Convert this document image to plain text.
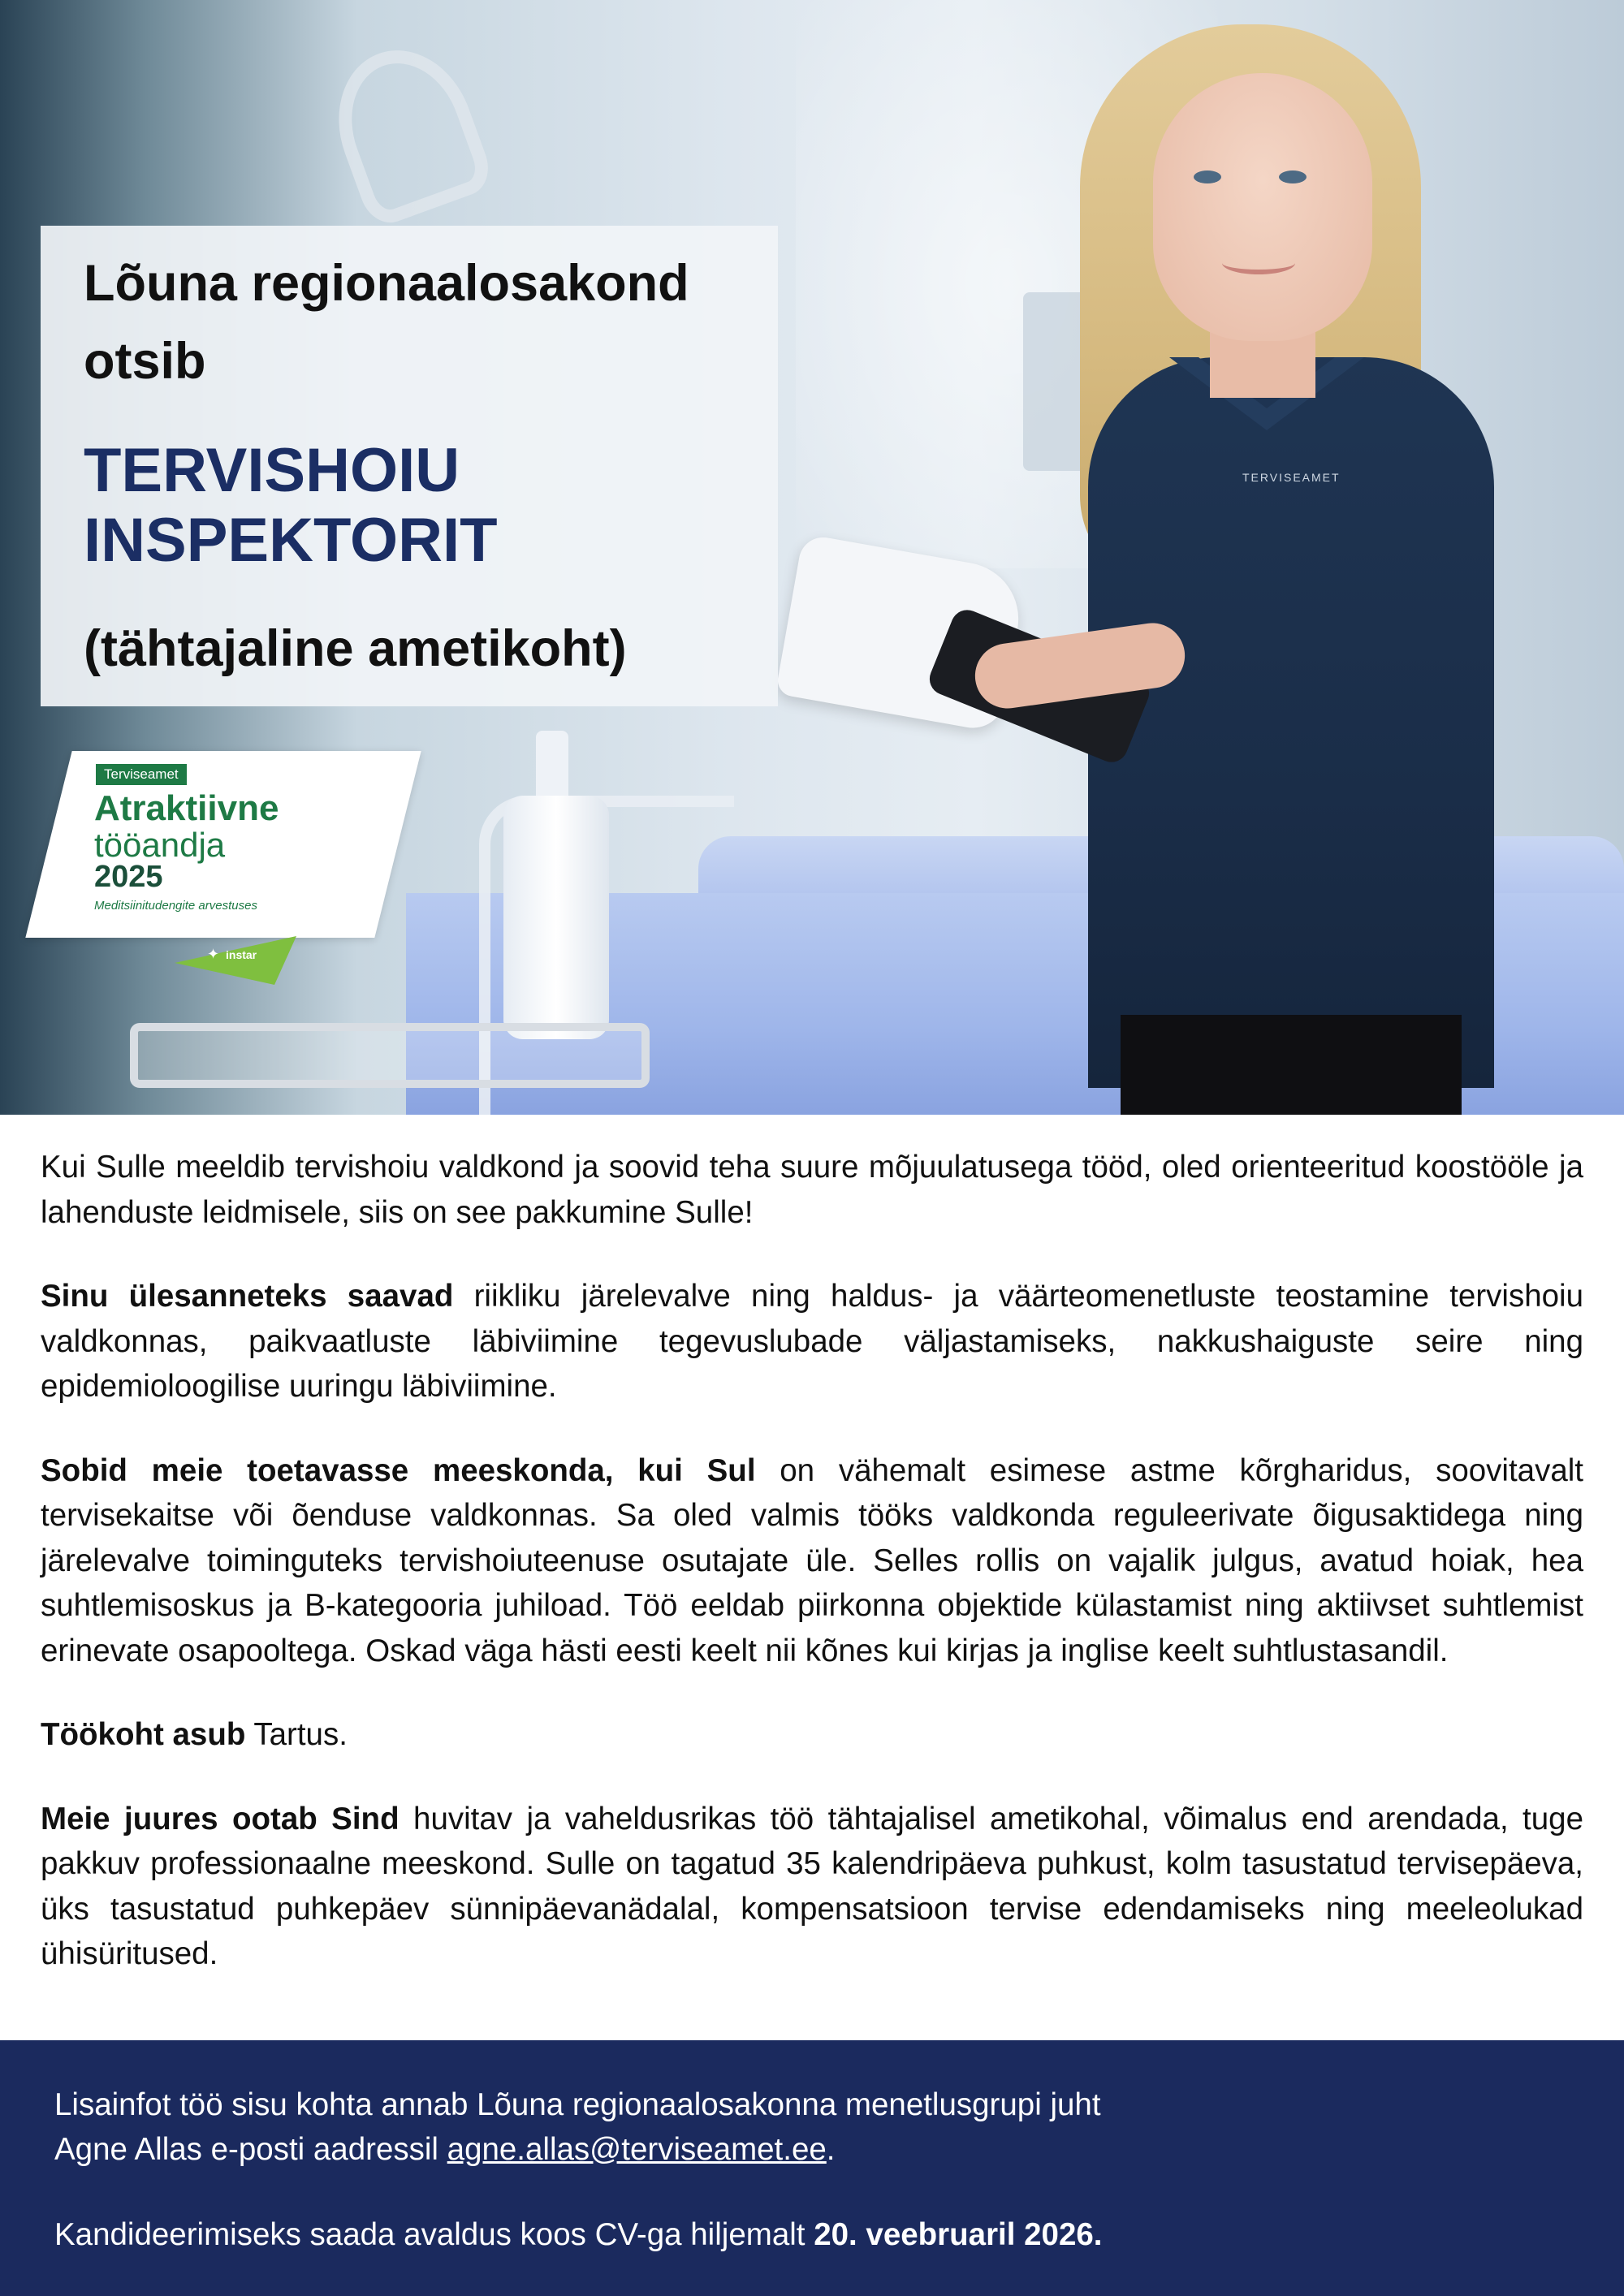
TERVISEAMET
Lõuna regionaalosakond
otsib
TERVISHOIU
INSPEKTORIT
(tähtajaline ametikoht)
Terviseamet
Atraktiivne
tööandja
2025
Meditsiinitudengite arvestuses
✦ instar

Kui Sulle meeldib tervishoiu valdkond ja soovid teha suure mõjuulatusega tööd, oled orienteeritud koostööle ja lahenduste leidmisele, siis on see pakkumine Sulle!

Sinu ülesanneteks saavad riikliku järelevalve ning haldus- ja väärteomenetluste teostamine tervishoiu valdkonnas, paikvaatluste läbiviimine tegevuslubade väljastamiseks, nakkushaiguste seire ning epidemioloogilise uuringu läbiviimine.

Sobid meie toetavasse meeskonda, kui Sul on vähemalt esimese astme kõrgharidus, soovitavalt tervisekaitse või õenduse valdkonnas. Sa oled valmis tööks valdkonda reguleerivate õigusaktidega ning järelevalve toiminguteks tervishoiuteenuse osutajate üle. Selles rollis on vajalik julgus, avatud hoiak, hea suhtlemisoskus ja B-kategooria juhiload. Töö eeldab piirkonna objektide külastamist ning aktiivset suhtlemist erinevate osapooltega. Oskad väga hästi eesti keelt nii kõnes kui kirjas ja inglise keelt suhtlustasandil.

Töökoht asub Tartus.

Meie juures ootab Sind huvitav ja vaheldusrikas töö tähtajalisel ametikohal, võimalus end arendada, tuge pakkuv professionaalne meeskond. Sulle on tagatud 35 kalendripäeva puhkust, kolm tasustatud tervisepäeva, üks tasustatud puhkepäev sünnipäevanädalal, kompensatsioon tervise edendamiseks ning meeleolukad ühisüritused.

Lisainfot töö sisu kohta annab Lõuna regionaalosakonna menetlusgrupi juht
Agne Allas e-posti aadressil agne.allas@terviseamet.ee.
Kandideerimiseks saada avaldus koos CV-ga hiljemalt 20. veebruaril 2026.
